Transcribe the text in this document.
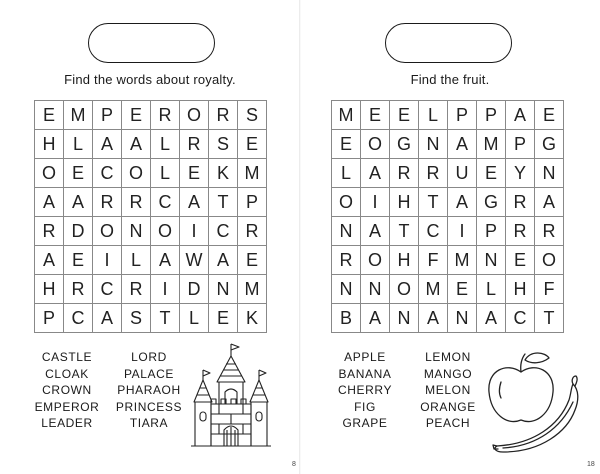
Find the words about royalty.
E	M	P	E	R	O	R	S
H	L	A	A	L	R	S	E
O	E	C	O	L	E	K	M
A	A	R	R	C	A	T	P
R	D	O	N	O	I	C	R
A	E	I	L	A	W	A	E
H	R	C	R	I	D	N	M
P	C	A	S	T	L	E	K
CASTLE
CLOAK
CROWN
EMPEROR
LEADER
LORD
PALACE
PHARAOH
PRINCESS
TIARA
8
Find the fruit.
M	E	E	L	P	P	A	E
E	O	G	N	A	M	P	G
L	A	R	R	U	E	Y	N
O	I	H	T	A	G	R	A
N	A	T	C	I	P	R	R
R	O	H	F	M	N	E	O
N	N	O	M	E	L	H	F
B	A	N	A	N	A	C	T
APPLE
BANANA
CHERRY
FIG
GRAPE
LEMON
MANGO
MELON
ORANGE
PEACH
18
